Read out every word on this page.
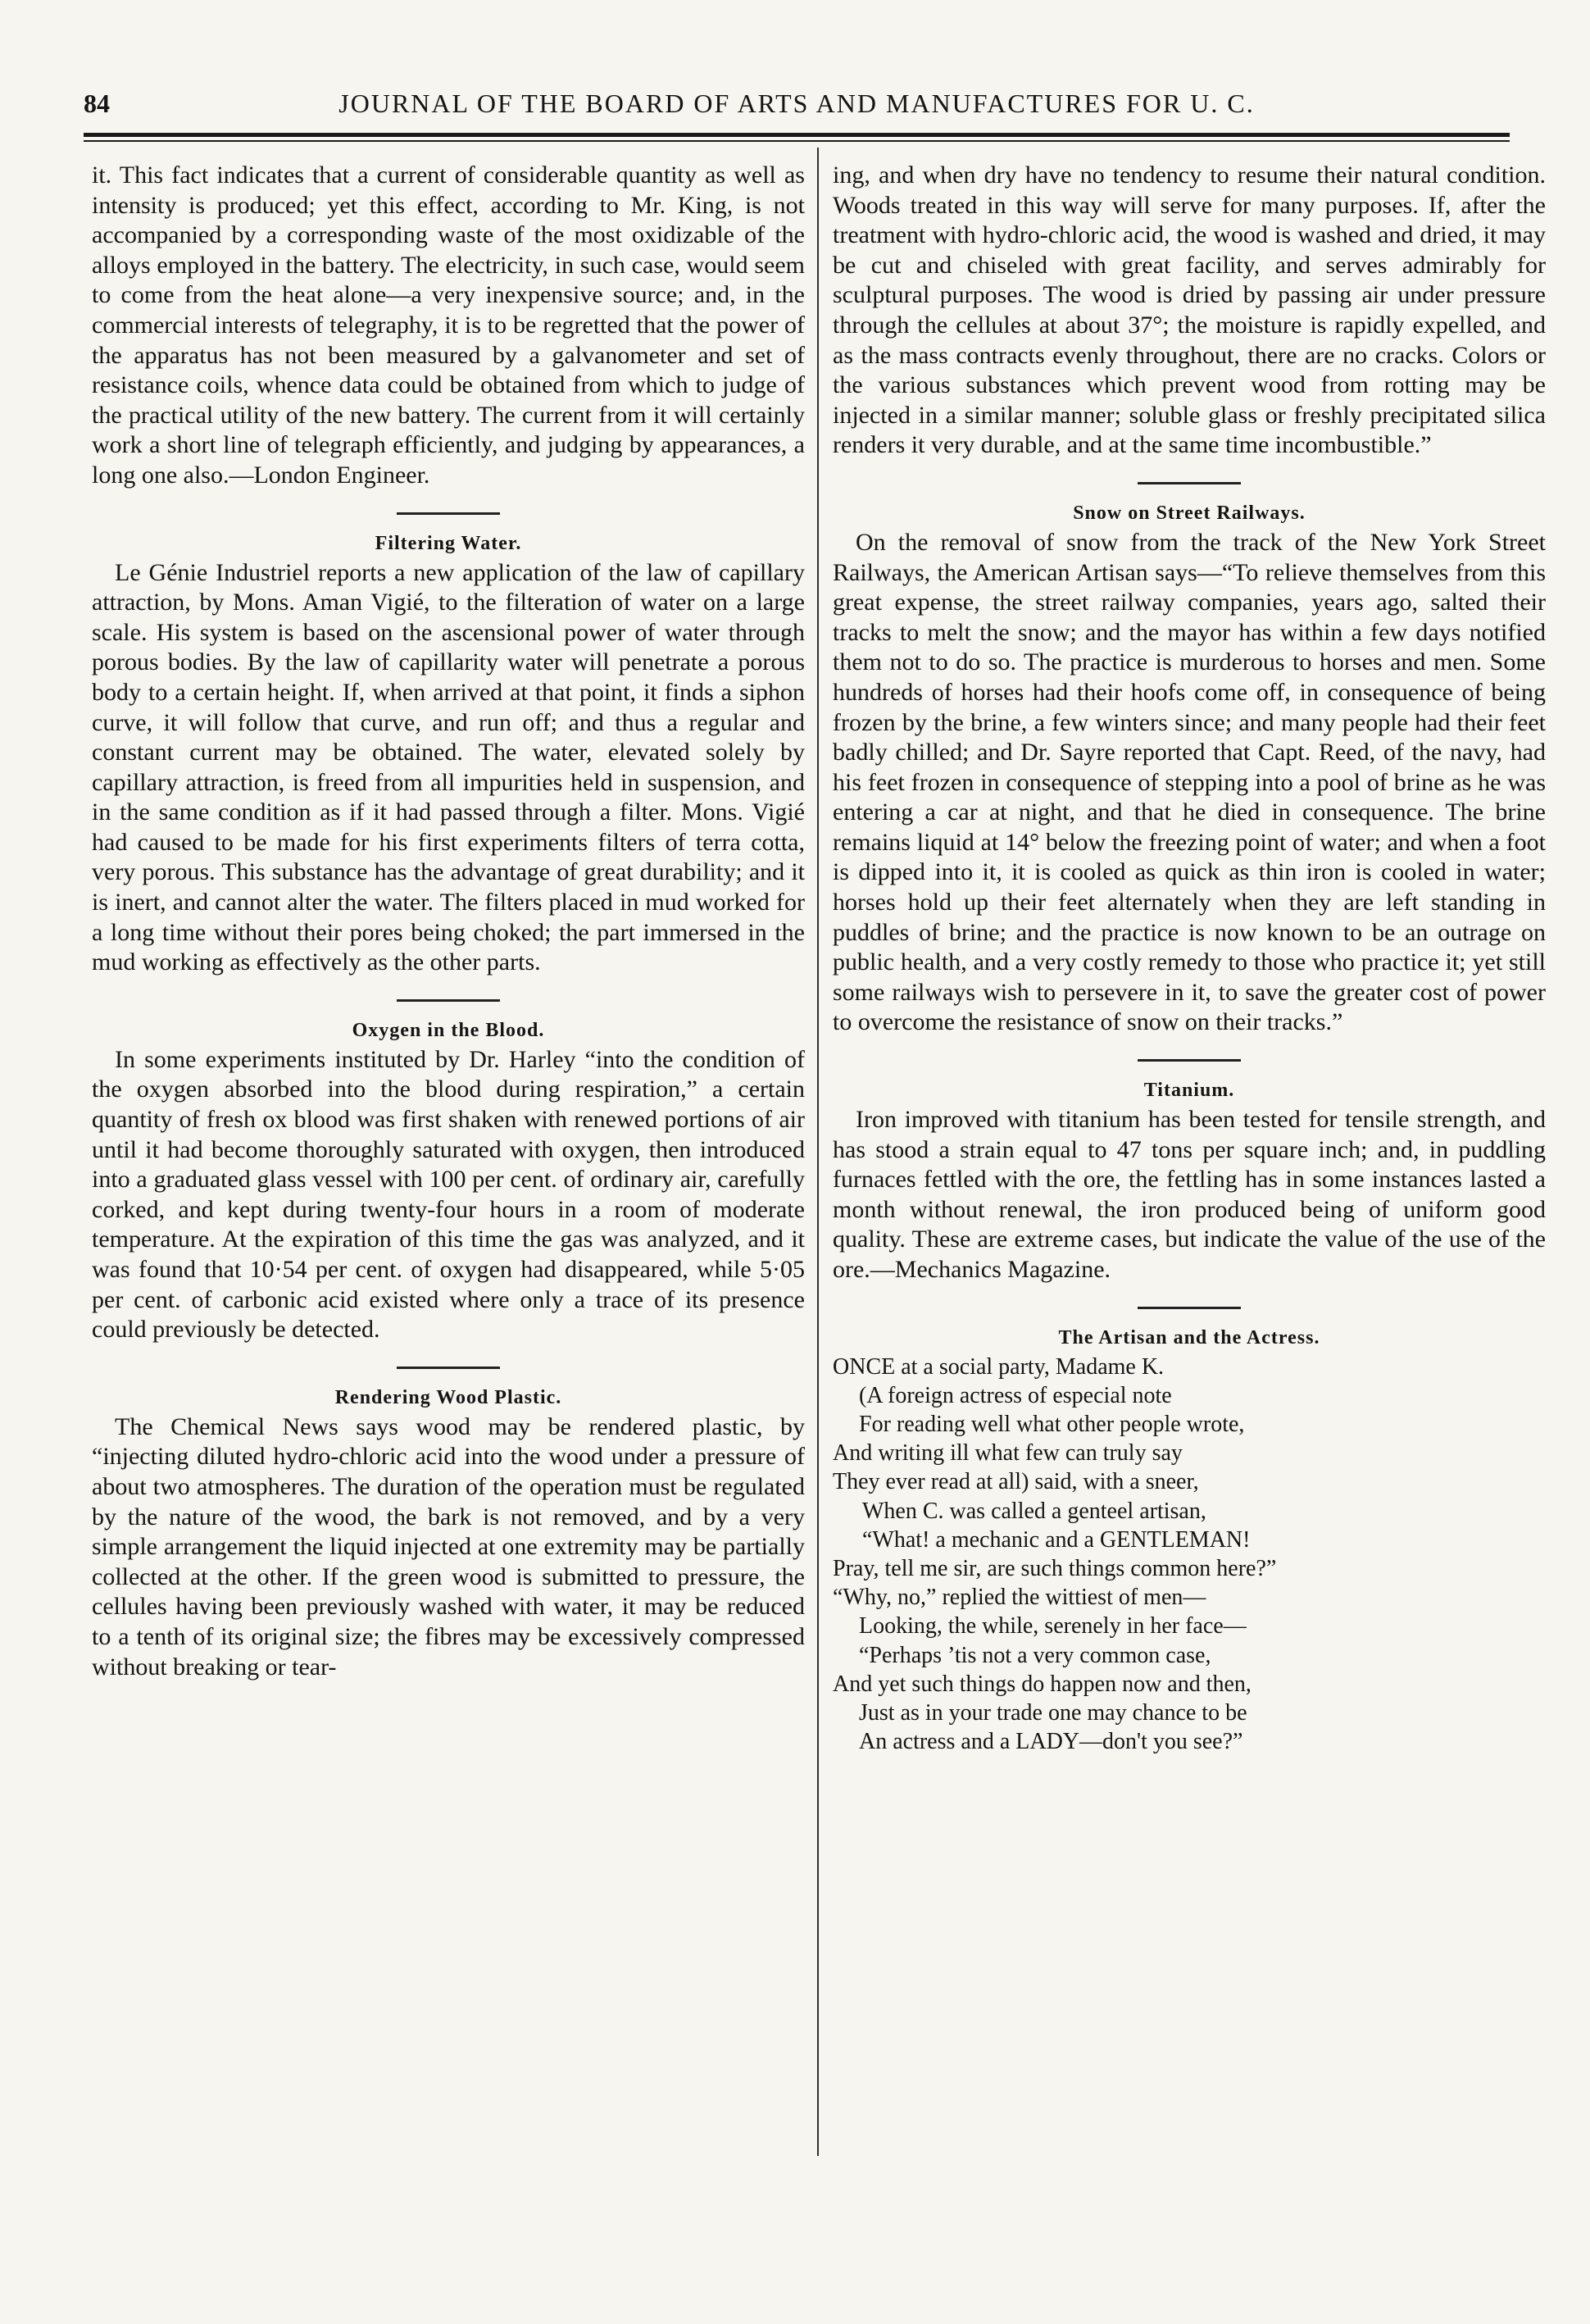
84	JOURNAL OF THE BOARD OF ARTS AND MANUFACTURES FOR U. C.

it. This fact indicates that a current of considerable quantity as well as intensity is produced; yet this effect, according to Mr. King, is not accompanied by a corresponding waste of the most oxidizable of the alloys employed in the battery. The electricity, in such case, would seem to come from the heat alone—a very inexpensive source; and, in the commercial interests of telegraphy, it is to be regretted that the power of the apparatus has not been measured by a galvanometer and set of resistance coils, whence data could be obtained from which to judge of the practical utility of the new battery. The current from it will certainly work a short line of telegraph efficiently, and judging by appearances, a long one also.—London Engineer.

Filtering Water.

Le Génie Industriel reports a new application of the law of capillary attraction, by Mons. Aman Vigié, to the filteration of water on a large scale. His system is based on the ascensional power of water through porous bodies. By the law of capillarity water will penetrate a porous body to a certain height. If, when arrived at that point, it finds a siphon curve, it will follow that curve, and run off; and thus a regular and constant current may be obtained. The water, elevated solely by capillary attraction, is freed from all impurities held in suspension, and in the same condition as if it had passed through a filter. Mons. Vigié had caused to be made for his first experiments filters of terra cotta, very porous. This substance has the advantage of great durability; and it is inert, and cannot alter the water. The filters placed in mud worked for a long time without their pores being choked; the part immersed in the mud working as effectively as the other parts.

Oxygen in the Blood.

In some experiments instituted by Dr. Harley “into the condition of the oxygen absorbed into the blood during respiration,” a certain quantity of fresh ox blood was first shaken with renewed portions of air until it had become thoroughly saturated with oxygen, then introduced into a graduated glass vessel with 100 per cent. of ordinary air, carefully corked, and kept during twenty-four hours in a room of moderate temperature. At the expiration of this time the gas was analyzed, and it was found that 10·54 per cent. of oxygen had disappeared, while 5·05 per cent. of carbonic acid existed where only a trace of its presence could previously be detected.

Rendering Wood Plastic.

The Chemical News says wood may be rendered plastic, by “injecting diluted hydro-chloric acid into the wood under a pressure of about two atmospheres. The duration of the operation must be regulated by the nature of the wood, the bark is not removed, and by a very simple arrangement the liquid injected at one extremity may be partially collected at the other. If the green wood is submitted to pressure, the cellules having been previously washed with water, it may be reduced to a tenth of its original size; the fibres may be excessively compressed without breaking or tear-

ing, and when dry have no tendency to resume their natural condition. Woods treated in this way will serve for many purposes. If, after the treatment with hydro-chloric acid, the wood is washed and dried, it may be cut and chiseled with great facility, and serves admirably for sculptural purposes. The wood is dried by passing air under pressure through the cellules at about 37°; the moisture is rapidly expelled, and as the mass contracts evenly throughout, there are no cracks. Colors or the various substances which prevent wood from rotting may be injected in a similar manner; soluble glass or freshly precipitated silica renders it very durable, and at the same time incombustible.”

Snow on Street Railways.

On the removal of snow from the track of the New York Street Railways, the American Artisan says—“To relieve themselves from this great expense, the street railway companies, years ago, salted their tracks to melt the snow; and the mayor has within a few days notified them not to do so. The practice is murderous to horses and men. Some hundreds of horses had their hoofs come off, in consequence of being frozen by the brine, a few winters since; and many people had their feet badly chilled; and Dr. Sayre reported that Capt. Reed, of the navy, had his feet frozen in consequence of stepping into a pool of brine as he was entering a car at night, and that he died in consequence. The brine remains liquid at 14° below the freezing point of water; and when a foot is dipped into it, it is cooled as quick as thin iron is cooled in water; horses hold up their feet alternately when they are left standing in puddles of brine; and the practice is now known to be an outrage on public health, and a very costly remedy to those who practice it; yet still some railways wish to persevere in it, to save the greater cost of power to overcome the resistance of snow on their tracks.”

Titanium.

Iron improved with titanium has been tested for tensile strength, and has stood a strain equal to 47 tons per square inch; and, in puddling furnaces fettled with the ore, the fettling has in some instances lasted a month without renewal, the iron produced being of uniform good quality. These are extreme cases, but indicate the value of the use of the ore.—Mechanics Magazine.

The Artisan and the Actress.
ONCE at a social party, Madame K.
(A foreign actress of especial note
For reading well what other people wrote,
And writing ill what few can truly say
They ever read at all) said, with a sneer,
When C. was called a genteel artisan,
“What! a mechanic and a GENTLEMAN!
Pray, tell me sir, are such things common here?”
“Why, no,” replied the wittiest of men—
Looking, the while, serenely in her face—
“Perhaps ’tis not a very common case,
And yet such things do happen now and then,
Just as in your trade one may chance to be
An actress and a LADY—don't you see?”
